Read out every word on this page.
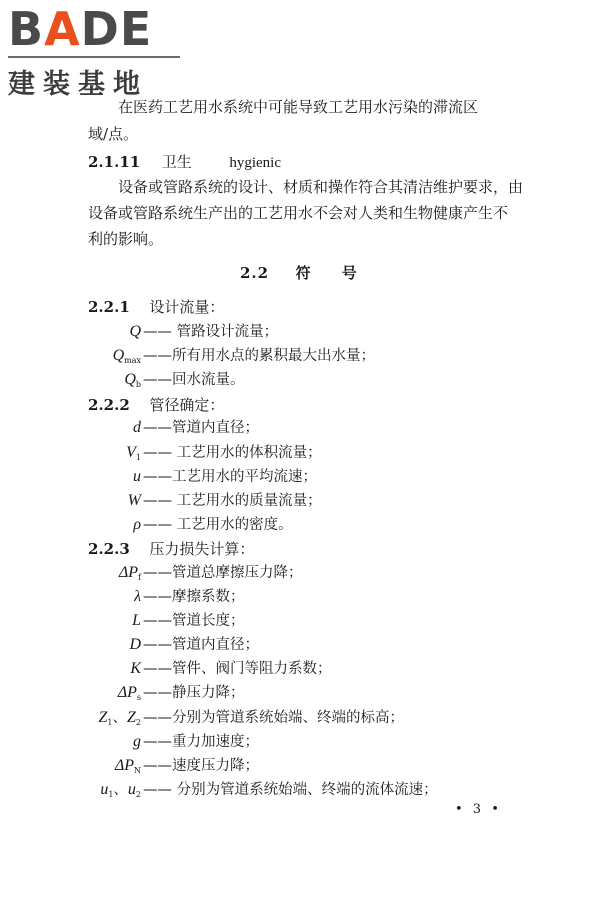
B A DE
建装基地
在医药工艺用水系统中可能导致工艺用水污染的滞流区
域/点。
2.1.11 卫生	hygienic
设备或管路系统的设计、材质和操作符合其清洁维护要求，由
设备或管路系统生产出的工艺用水不会对人类和生物健康产生不
利的影响。
2.2 符 号
2.2.1 设计流量：
Q —— 管路设计流量；
$Q_{max}$ ——所有用水点的累积最大出水量；
$Q_b$ ——回水流量。
2.2.2 管径确定：
d ——管道内直径；
$V_1$ —— 工艺用水的体积流量；
u ——工艺用水的平均流速；
W —— 工艺用水的质量流量；
ρ —— 工艺用水的密度。
2.2.3 压力损失计算：
$\Delta P_f$ ——管道总摩擦压力降；
λ ——摩擦系数；
L ——管道长度；
D ——管道内直径；
K ——管件、阀门等阻力系数；
$\Delta P_s$ ——静压力降；
$Z_1$、$Z_2$ ——分别为管道系统始端、终端的标高；
g ——重力加速度；
$\Delta P_N$ ——速度压力降；
$u_1$、$u_2$ —— 分别为管道系统始端、终端的流体流速；
• 3 •
